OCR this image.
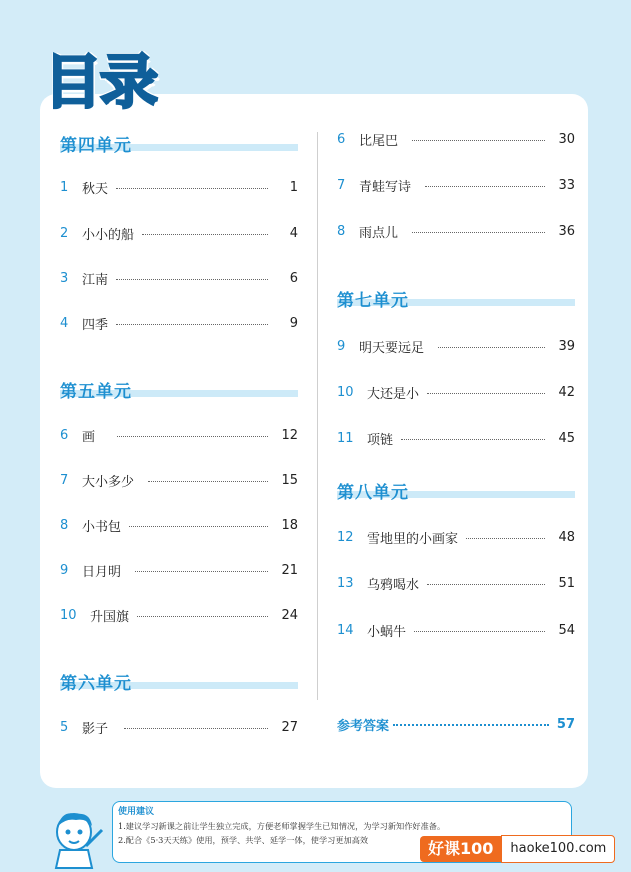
目录
第四单元
1	秋天	1
2	小小的船	4
3	江南	6
4	四季	9
第五单元
6	画	12
7	大小多少	15
8	小书包	18
9	日月明	21
10	升国旗	24
第六单元
5	影子	27
6	比尾巴	30
7	青蛙写诗	33
8	雨点儿	36
第七单元
9	明天要远足	39
10	大还是小	42
11	项链	45
第八单元
12	雪地里的小画家	48
13	乌鸦喝水	51
14	小蜗牛	54
参考答案	57
使用建议
1.建议学习新课之前让学生独立完成，方便老师掌握学生已知情况，为学习新知作好准备。
2.配合《5·3天天练》使用，预学、共学、延学一体，使学习更加高效	好课100	haoke100.com
